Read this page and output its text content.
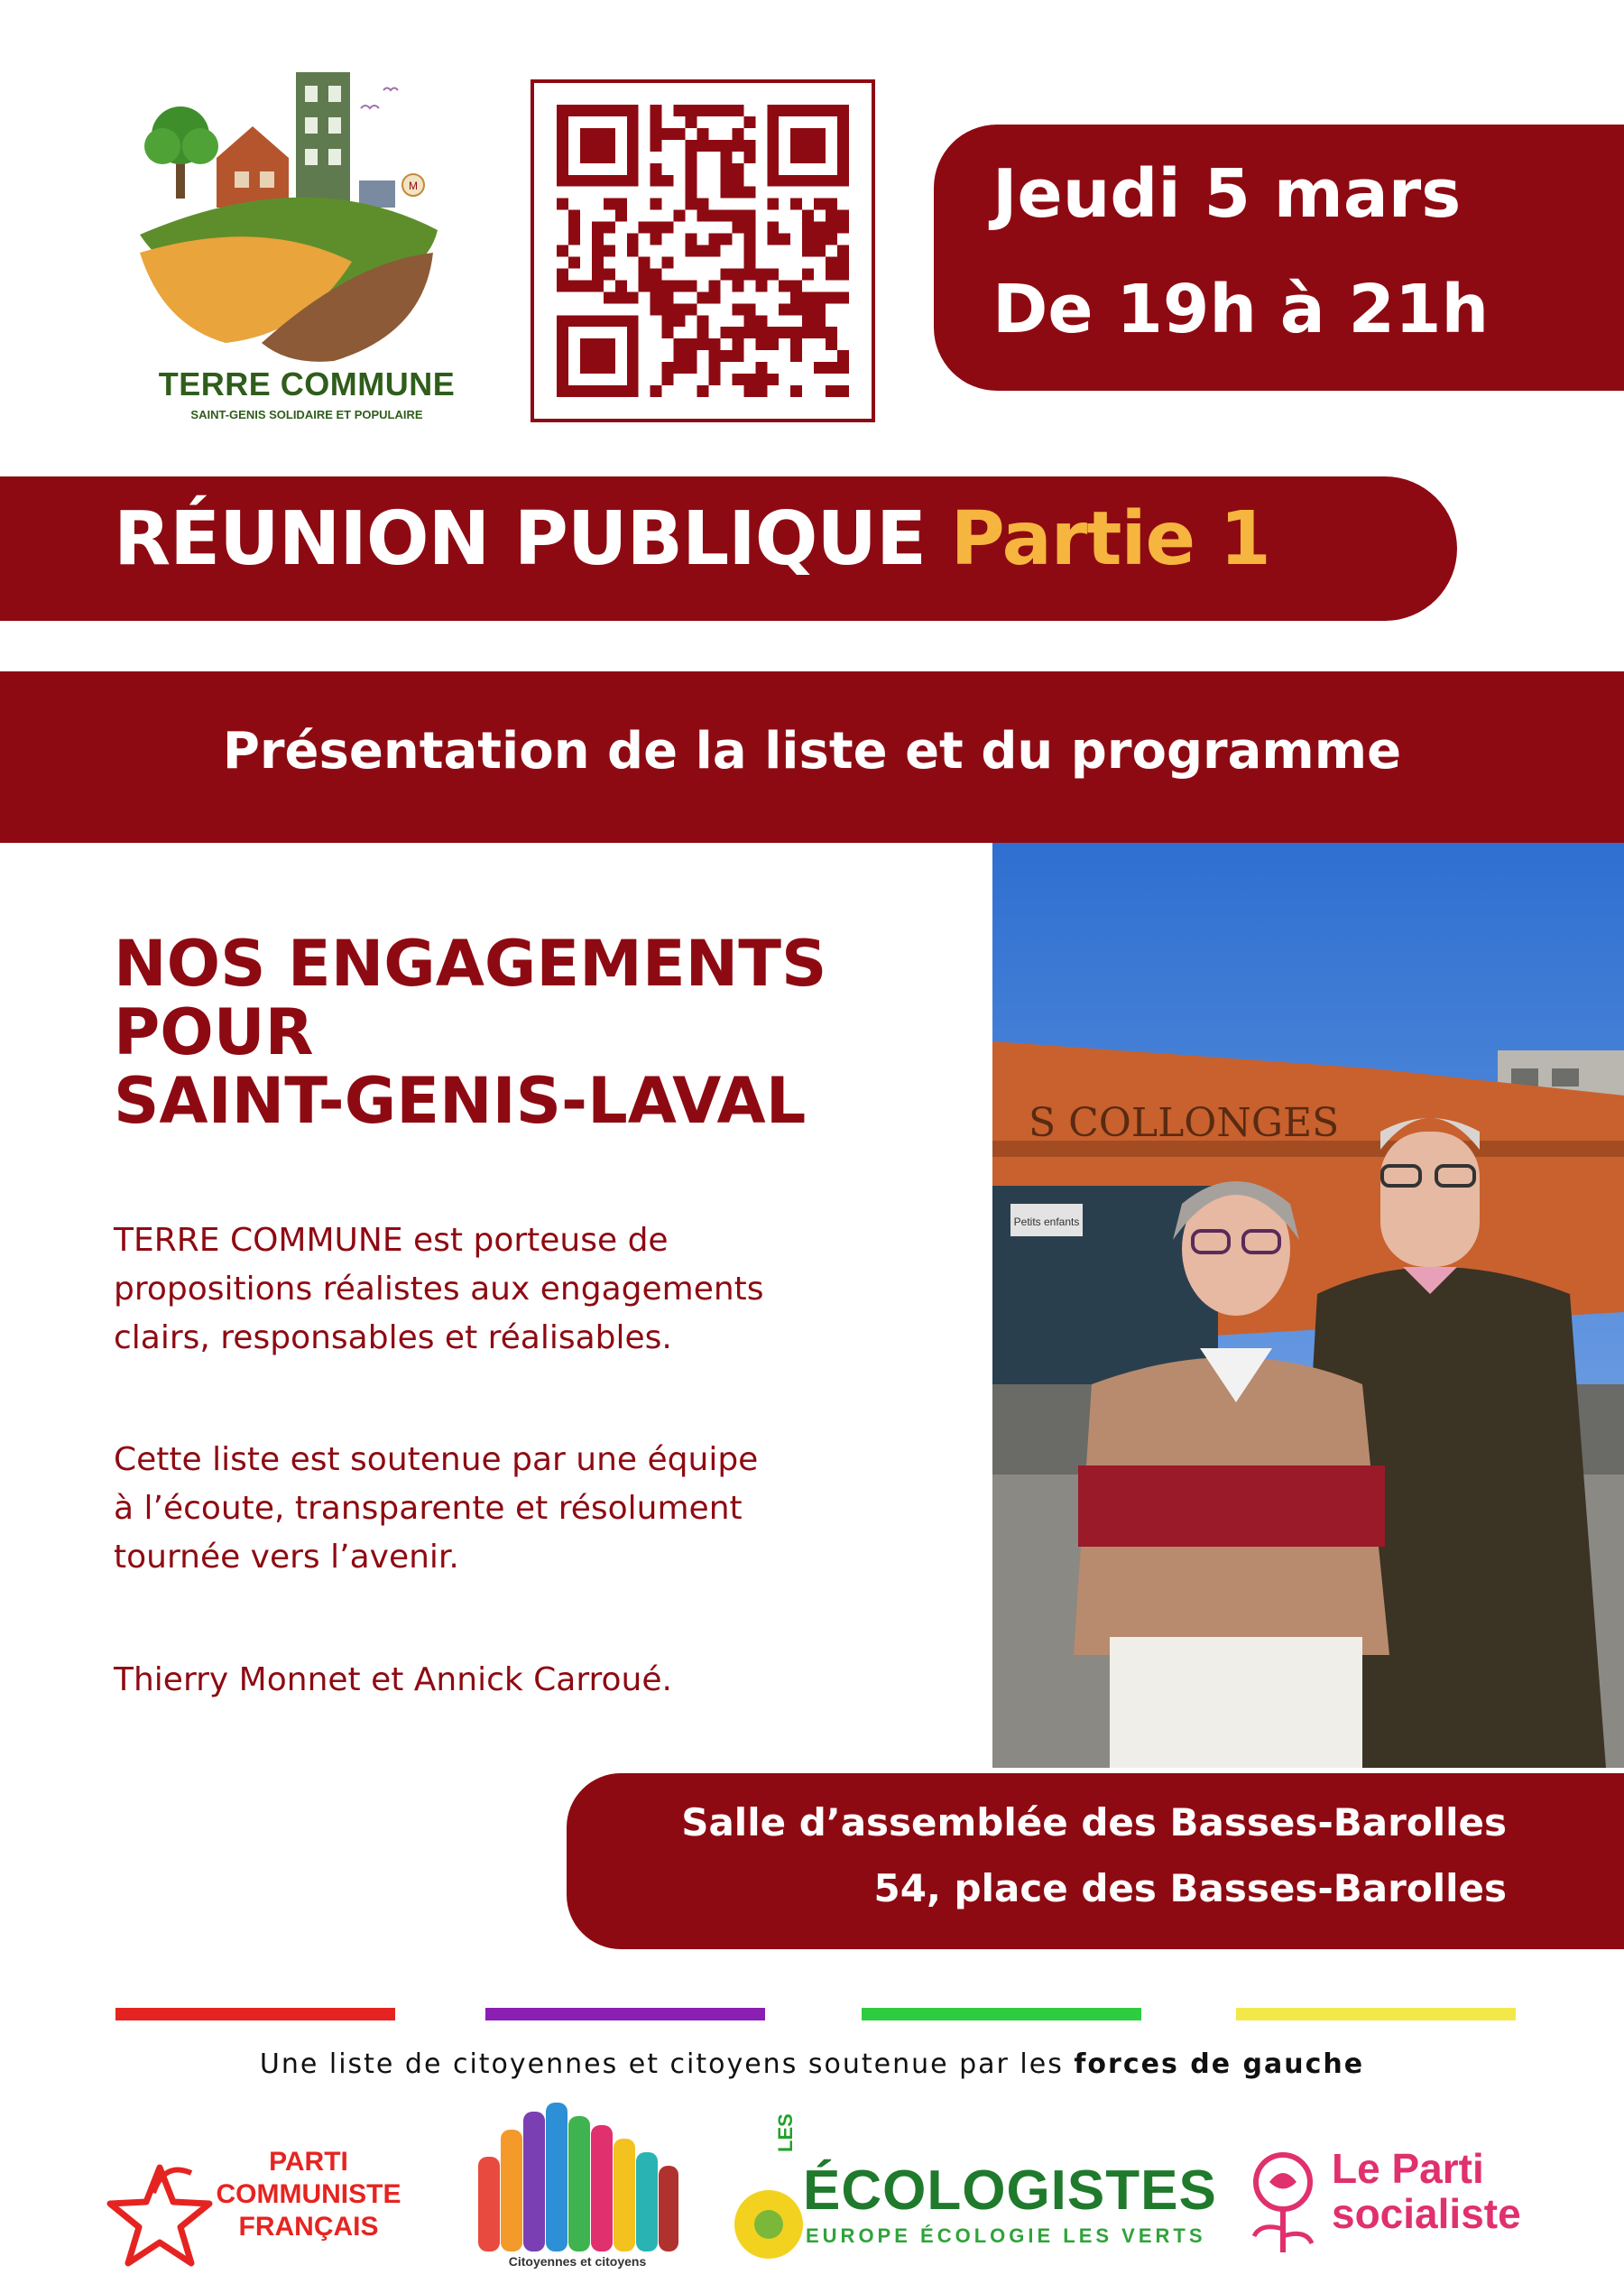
M
TERRE COMMUNE
SAINT-GENIS SOLIDAIRE ET POPULAIRE
Jeudi 5 mars
De 19h à 21h
RÉUNION PUBLIQUE Partie 1
Présentation de la liste et du programme
NOS ENGAGEMENTS
POUR
SAINT-GENIS-LAVAL
TERRE COMMUNE est porteuse de
propositions réalistes aux engagements
clairs, responsables et réalisables.
Cette liste est soutenue par une équipe
à l’écoute, transparente et résolument
tournée vers l’avenir.
Thierry Monnet et Annick Carroué.
S COLLONGES
Petits enfants
Salle d’assemblée des Basses-Barolles
54, place des Basses-Barolles
Une liste de citoyennes et citoyens soutenue par les forces de gauche
PARTI
COMMUNISTE
FRANÇAIS
Citoyennes et citoyens
LES
ÉCOLOGISTES
EUROPE ÉCOLOGIE LES VERTS
Le Parti
socialiste
